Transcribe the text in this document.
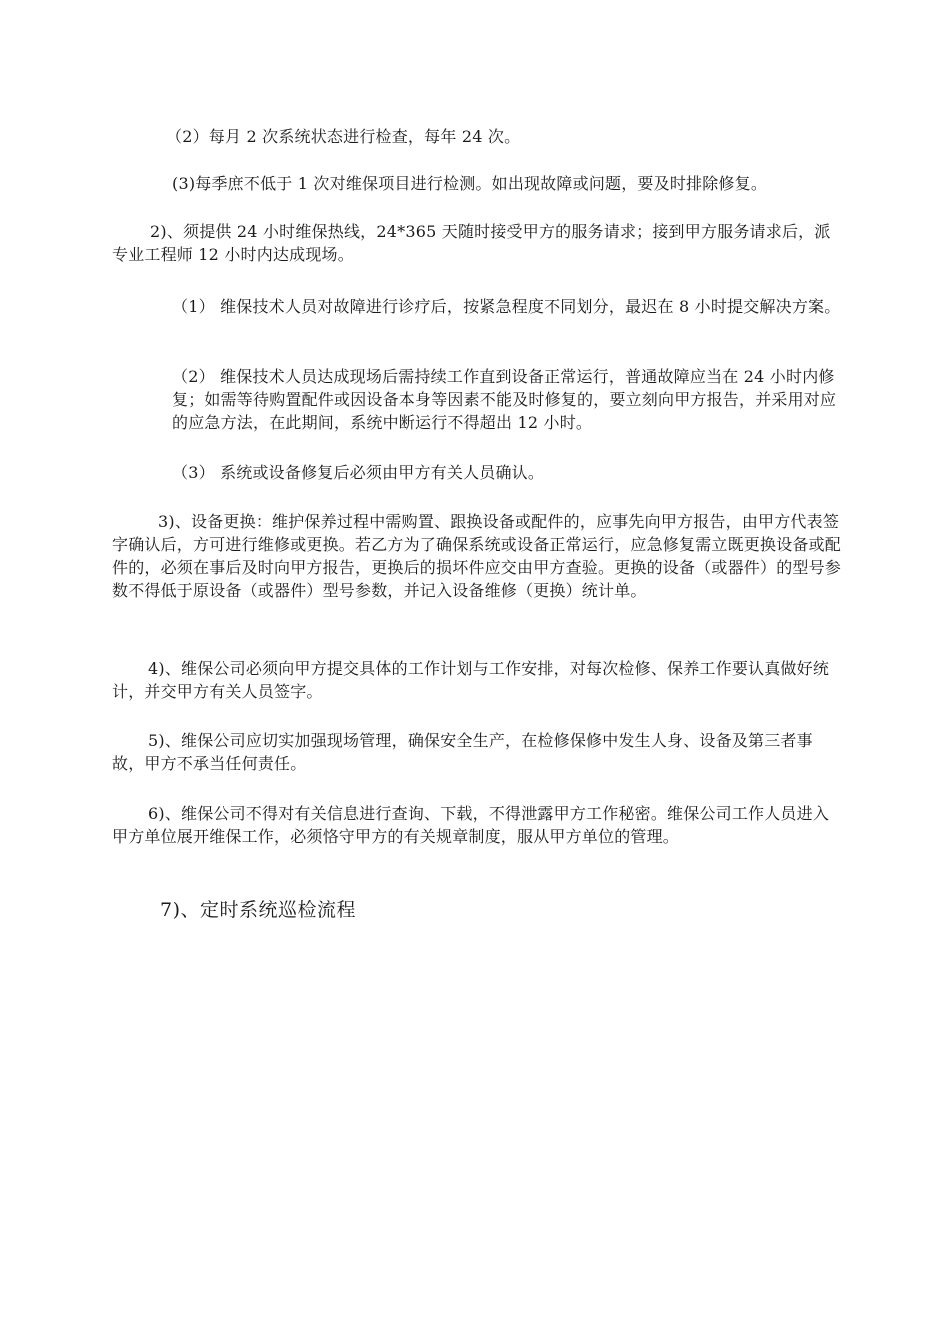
（2）每月 2 次系统状态进行检查，每年 24 次。

(3)每季庶不低于 1 次对维保项目进行检测。如出现故障或问题，要及时排除修复。

2)、须提供 24 小时维保热线，24*365 天随时接受甲方的服务请求；接到甲方服务请求后，派专业工程师 12 小时内达成现场。

（1） 维保技术人员对故障进行诊疗后，按紧急程度不同划分，最迟在 8 小时提交解决方案。

（2） 维保技术人员达成现场后需持续工作直到设备正常运行，普通故障应当在 24 小时内修复；如需等待购置配件或因设备本身等因素不能及时修复的，要立刻向甲方报告，并采用对应的应急方法，在此期间，系统中断运行不得超出 12 小时。

（3） 系统或设备修复后必须由甲方有关人员确认。

3)、设备更换：维护保养过程中需购置、跟换设备或配件的，应事先向甲方报告，由甲方代表签字确认后，方可进行维修或更换。若乙方为了确保系统或设备正常运行，应急修复需立既更换设备或配件的，必须在事后及时向甲方报告，更换后的损坏件应交由甲方查验。更换的设备（或器件）的型号参数不得低于原设备（或器件）型号参数，并记入设备维修（更换）统计单。

4)、维保公司必须向甲方提交具体的工作计划与工作安排，对每次检修、保养工作要认真做好统计，并交甲方有关人员签字。

5)、维保公司应切实加强现场管理，确保安全生产，在检修保修中发生人身、设备及第三者事故，甲方不承当任何责任。

6)、维保公司不得对有关信息进行查询、下载，不得泄露甲方工作秘密。维保公司工作人员进入甲方单位展开维保工作，必须恪守甲方的有关规章制度，服从甲方单位的管理。

7)、定时系统巡检流程
